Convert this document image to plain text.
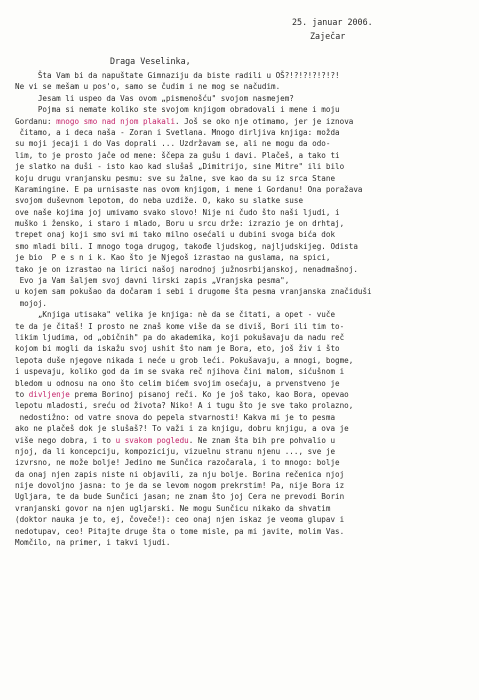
25. januar 2006.
Zaječar
Draga Veselinka,
Šta Vam bi da napuštate Gimnaziju da biste radili u OŠ?!?!?!?!?!?!
Ne vi se mešam u pos'o, samo se čudim i ne mog se načudim.
Jesam li uspeo da Vas ovom „pismenošću" svojom nasmejem?
Pojma si nemate koliko ste svojom knjigom obradovali i mene i moju
Gordanu: mnogo smo nad njom plakali. Još se oko nje otimamo, jer je iznova
čitamo, a i deca naša - Zoran i Svetlana. Mnogo dirljiva knjiga: možda
su moji jecaji i do Vas doprali ... Uzdržavam se, ali ne mogu da odo-
lim, to je prosto jače od mene: ščepa za gušu i davi. Plačeš, a tako ti
je slatko na duši - isto kao kad slušaš „Dimitrijo, sine Mitre" ili bilo
koju drugu vranjansku pesmu: sve su žalne, sve kao da su iz srca Stane
Karamingine. E pa urnisaste nas ovom knjigom, i mene i Gordanu! Ona poražava
svojom duševnom lepotom, do neba uzdiže. O, kako su slatke suse
ove naše kojima joj umivamo svako slovo! Nije ni čudo što naši ljudi, i
muško i žensko, i staro i mlado, Boru u srcu drže: izrazio je on drhtaj,
trepet onaj koji smo svi mi tako milno osećali u dubini svoga bića dok
smo mladi bili. I mnogo toga drugog, takođe ljudskog, najljudskijeg. Odista
je bio  P e s n i k. Kao što je Njegoš izrastao na guslama, na spici,
tako je on izrastao na lirici našoj narodnoj južnosrbijanskoj, nenadmašnoj.
Evo ja Vam šaljem svoj davni lirski zapis „Vranjska pesma",
u kojem sam pokušao da dočaram i sebi i drugome šta pesma vranjanska značiduši
mojoj.
„Knjiga utisaka" velika je knjiga: nè da se čitati, a opet - vuče
te da je čitaš! I prosto ne znaš kome više da se diviš, Bori ili tim to-
likim ljudima, od „običnih" pa do akademika, koji pokušavaju da nadu reč
kojom bi mogli da iskažu svoj ushit što nam je Bora, eto, još živ i što
lepota duše njegove nikada i neće u grob leći. Pokušavaju, a mnogi, bogme,
i uspevaju, koliko god da im se svaka reč njihova čini malom, sićušnom i
bledom u odnosu na ono što celim bićem svojim osećaju, a prvenstveno je
to divljenje prema Borinoj pisanoj reči. Ko je još tako, kao Bora, opevao
lepotu mladosti, sreću od života? Niko! A i tugu što je sve tako prolazno,
nedostižno: od vatre snova do pepela stvarnosti! Kakva mi je to pesma
ako ne plačeš dok je slušaš?! To važi i za knjigu, dobru knjigu, a ova je
više nego dobra, i to u svakom pogledu. Ne znam šta bih pre pohvalio u
njoj, da li koncepciju, kompoziciju, vizuelnu stranu njenu ..., sve je
izvrsno, ne može bolje! Jedino me Sunčica razočarala, i to mnogo: bolje
da onaj njen zapis niste ni objavili, za nju bolje. Borina rečenica njoj
nije dovoljno jasna: to je da se levom nogom prekrstim! Pa, nije Bora iz
Ugljara, te da bude Sunčici jasan; ne znam što joj Cera ne prevodi Borin
vranjanski govor na njen ugljarski. Ne mogu Sunčicu nikako da shvatim
(doktor nauka je to, ej, čoveče!): ceo onaj njen iskaz je veoma glupav i
nedotupav, ceo! Pitajte druge šta o tome misle, pa mi javite, molim Vas.
Momčilo, na primer, i takvi ljudi.
